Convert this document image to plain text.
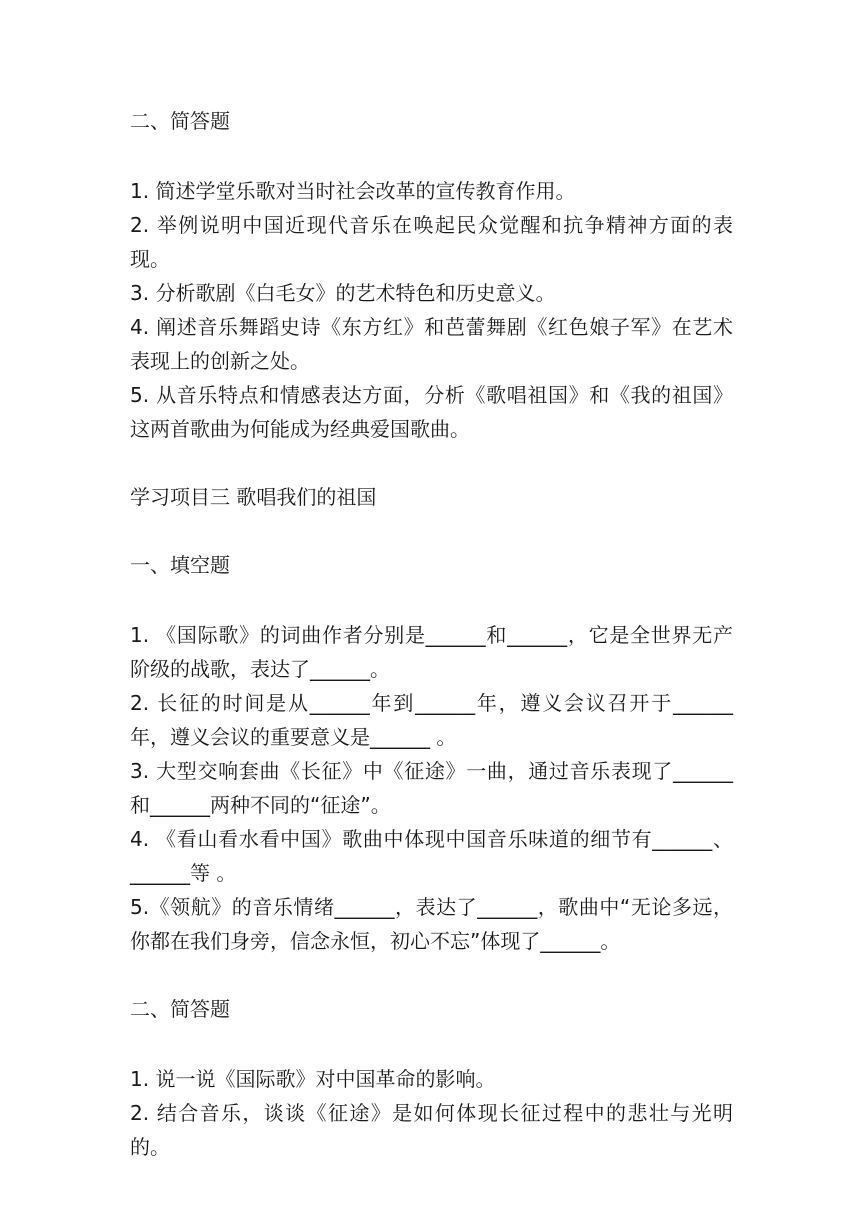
二、简答题

1. 简述学堂乐歌对当时社会改革的宣传教育作用。

2. 举例说明中国近现代音乐在唤起民众觉醒和抗争精神方面的表现。

3. 分析歌剧《白毛女》的艺术特色和历史意义。

4. 阐述音乐舞蹈史诗《东方红》和芭蕾舞剧《红色娘子军》在艺术表现上的创新之处。

5. 从音乐特点和情感表达方面，分析《歌唱祖国》和《我的祖国》这两首歌曲为何能成为经典爱国歌曲。

学习项目三 歌唱我们的祖国

一、填空题

1. 《国际歌》的词曲作者分别是______和______，它是全世界无产阶级的战歌，表达了______。

2. 长征的时间是从______年到______年，遵义会议召开于______年，遵义会议的重要意义是______ 。

3. 大型交响套曲《长征》中《征途》一曲，通过音乐表现了______和______两种不同的“征途”。

4. 《看山看水看中国》歌曲中体现中国音乐味道的细节有______、______等 。

5.《领航》的音乐情绪______，表达了______，歌曲中“无论多远，你都在我们身旁，信念永恒，初心不忘”体现了______。

二、简答题

1. 说一说《国际歌》对中国革命的影响。

2. 结合音乐，谈谈《征途》是如何体现长征过程中的悲壮与光明的。
